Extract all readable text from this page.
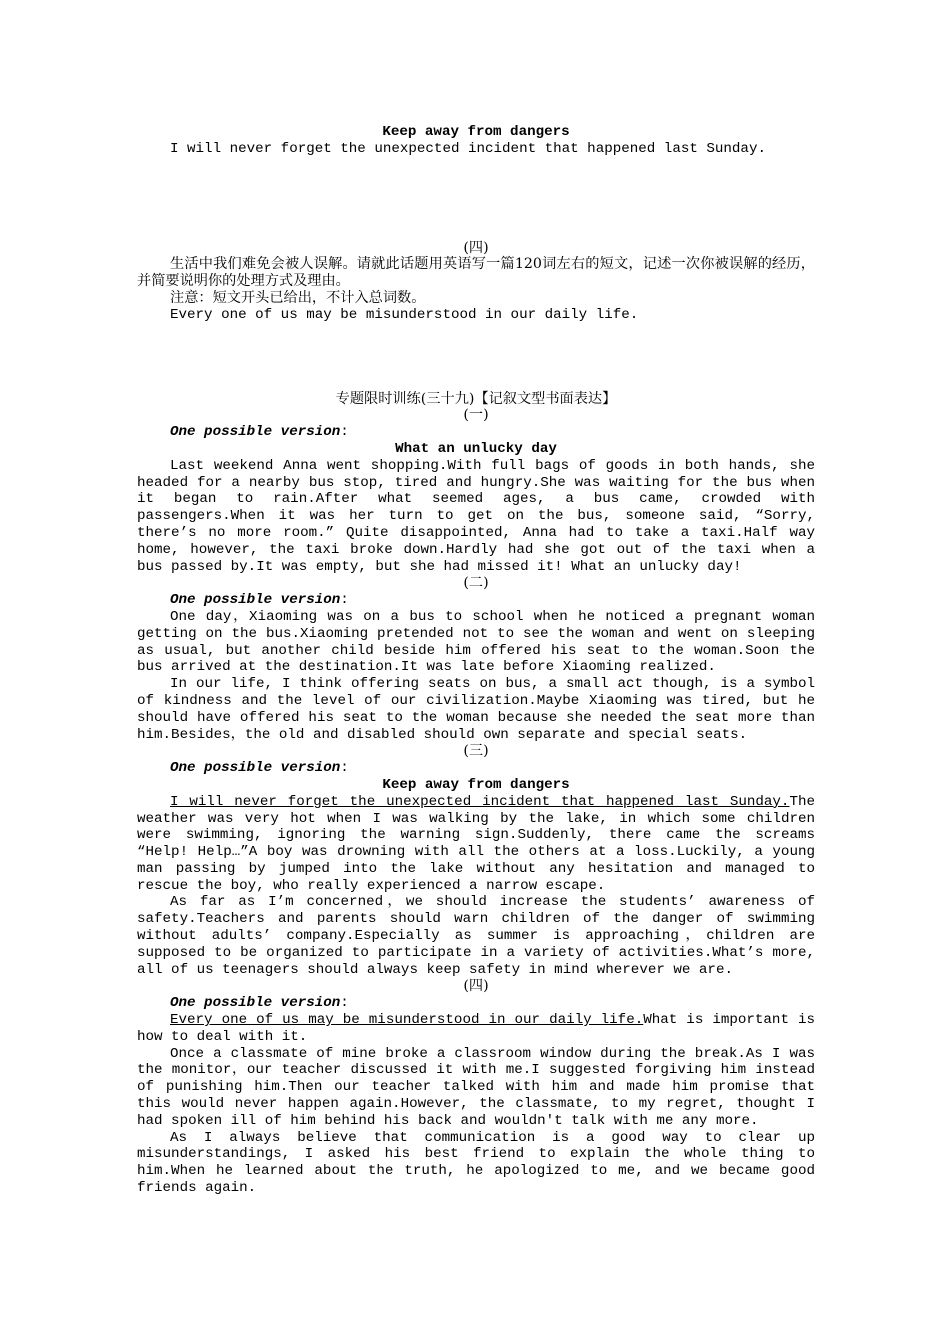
Keep away from dangers

I will never forget the unexpected incident that happened last Sunday.

(四)

生活中我们难免会被人误解。请就此话题用英语写一篇120词左右的短文，记述一次你被误解的经历，并简要说明你的处理方式及理由。

注意：短文开头已给出，不计入总词数。

Every one of us may be misunderstood in our daily life.

专题限时训练(三十九)【记叙文型书面表达】

(一)

One possible version:

What an unlucky day

Last weekend Anna went shopping.With full bags of goods in both hands, she headed for a nearby bus stop, tired and hungry.She was waiting for the bus when it began to rain.After what seemed ages, a bus came, crowded with passengers.When it was her turn to get on the bus, someone said, “Sorry, there’s no more room.” Quite disappointed, Anna had to take a taxi.Half way home, however, the taxi broke down.Hardly had she got out of the taxi when a bus passed by.It was empty, but she had missed it! What an unlucky day!

(二)

One possible version:

One day，Xiaoming was on a bus to school when he noticed a pregnant woman getting on the bus.Xiaoming pretended not to see the woman and went on sleeping as usual, but another child beside him offered his seat to the woman.Soon the bus arrived at the destination.It was late before Xiaoming realized.

In our life, I think offering seats on bus, a small act though, is a symbol of kindness and the level of our civilization.Maybe Xiaoming was tired, but he should have offered his seat to the woman because she needed the seat more than him.Besides，the old and disabled should own separate and special seats.

(三)

One possible version:

Keep away from dangers

I will never forget the unexpected incident that happened last Sunday.The weather was very hot when I was walking by the lake, in which some children were swimming, ignoring the warning sign.Suddenly, there came the screams “Help! Help…”A boy was drowning with all the others at a loss.Luckily, a young man passing by jumped into the lake without any hesitation and managed to rescue the boy, who really experienced a narrow escape.

As far as I’m concerned，we should increase the students’ awareness of safety.Teachers and parents should warn children of the danger of swimming without adults’ company.Especially as summer is approaching，children are supposed to be organized to participate in a variety of activities.What’s more, all of us teenagers should always keep safety in mind wherever we are.

(四)

One possible version:

Every one of us may be misunderstood in our daily life.What is important is how to deal with it.

Once a classmate of mine broke a classroom window during the break.As I was the monitor，our teacher discussed it with me.I suggested forgiving him instead of punishing him.Then our teacher talked with him and made him promise that this would never happen again.However, the classmate, to my regret, thought I had spoken ill of him behind his back and wouldn't talk with me any more.

As I always believe that communication is a good way to clear up misunderstandings, I asked his best friend to explain the whole thing to him.When he learned about the truth, he apologized to me, and we became good friends again.
